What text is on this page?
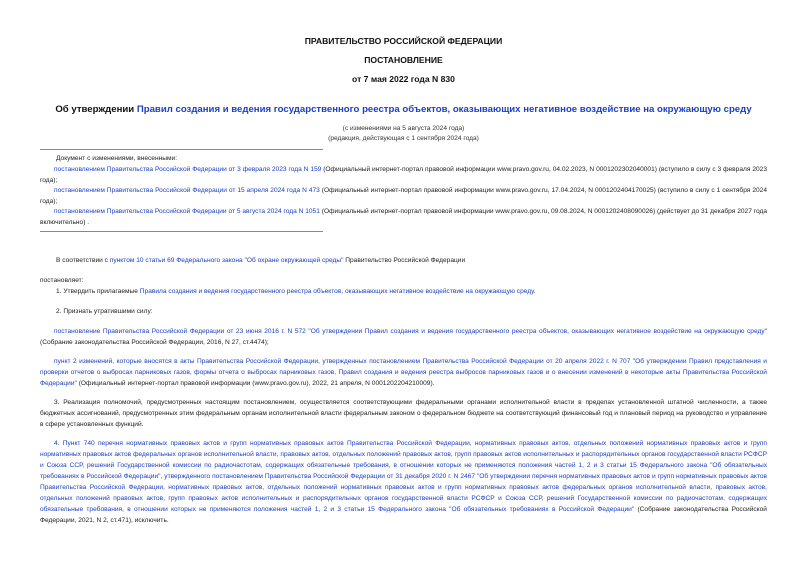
ПРАВИТЕЛЬСТВО РОССИЙСКОЙ ФЕДЕРАЦИИ
ПОСТАНОВЛЕНИЕ
от 7 мая 2022 года N 830
Об утверждении Правил создания и ведения государственного реестра объектов, оказывающих негативное воздействие на окружающую среду
(с изменениями на 5 августа 2024 года)
(редакция, действующая с 1 сентября 2024 года)
Документ с изменениями, внесенными:
постановлением Правительства Российской Федерации от 3 февраля 2023 года N 159 (Официальный интернет-портал правовой информации www.pravo.gov.ru, 04.02.2023, N 0001202302040001) (вступило в силу с 3 февраля 2023 года);
постановлением Правительства Российской Федерации от 15 апреля 2024 года N 473 (Официальный интернет-портал правовой информации www.pravo.gov.ru, 17.04.2024, N 0001202404170025) (вступило в силу с 1 сентября 2024 года);
постановлением Правительства Российской Федерации от 5 августа 2024 года N 1051 (Официальный интернет-портал правовой информации www.pravo.gov.ru, 09.08.2024, N 0001202408090026) (действует до 31 декабря 2027 года включительно) .
В соответствии с пунктом 10 статьи 69 Федерального закона "Об охране окружающей среды" Правительство Российской Федерации
постановляет:
1. Утвердить прилагаемые Правила создания и ведения государственного реестра объектов, оказывающих негативное воздействие на окружающую среду.
2. Признать утратившими силу:
постановление Правительства Российской Федерации от 23 июня 2016 г. N 572 "Об утверждении Правил создания и ведения государственного реестра объектов, оказывающих негативное воздействие на окружающую среду" (Собрание законодательства Российской Федерации, 2016, N 27, ст.4474);
пункт 2 изменений, которые вносятся в акты Правительства Российской Федерации, утвержденных постановлением Правительства Российской Федерации от 20 апреля 2022 г. N 707 "Об утверждении Правил представления и проверки отчетов о выбросах парниковых газов, формы отчета о выбросах парниковых газов, Правил создания и ведения реестра выбросов парниковых газов и о внесении изменений в некоторые акты Правительства Российской Федерации" (Официальный интернет-портал правовой информации (www.pravo.gov.ru), 2022, 21 апреля, N 0001202204210009).
3. Реализация полномочий, предусмотренных настоящим постановлением, осуществляется соответствующими федеральными органами исполнительной власти в пределах установленной штатной численности, а также бюджетных ассигнований, предусмотренных этим федеральным органам исполнительной власти федеральным законом о федеральном бюджете на соответствующий финансовый год и плановый период на руководство и управление в сфере установленных функций.
4. Пункт 740 перечня нормативных правовых актов и групп нормативных правовых актов Правительства Российской Федерации, нормативных правовых актов, отдельных положений нормативных правовых актов и групп нормативных правовых актов федеральных органов исполнительной власти, правовых актов, отдельных положений правовых актов, групп правовых актов исполнительных и распорядительных органов государственной власти РСФСР и Союза ССР, решений Государственной комиссии по радиочастотам, содержащих обязательные требования, в отношении которых не применяются положения частей 1, 2 и 3 статьи 15 Федерального закона "Об обязательных требованиях в Российской Федерации", утвержденного постановлением Правительства Российской Федерации от 31 декабря 2020 г. N 2467 "Об утверждении перечня нормативных правовых актов и групп нормативных правовых актов Правительства Российской Федерации, нормативных правовых актов, отдельных положений нормативных правовых актов и групп нормативных правовых актов федеральных органов исполнительной власти, правовых актов, отдельных положений правовых актов, групп правовых актов исполнительных и распорядительных органов государственной власти РСФСР и Союза ССР, решений Государственной комиссии по радиочастотам, содержащих обязательные требования, в отношении которых не применяются положения частей 1, 2 и 3 статьи 15 Федерального закона "Об обязательных требованиях в Российской Федерации" (Собрание законодательства Российской Федерации, 2021, N 2, ст.471), исключить.
